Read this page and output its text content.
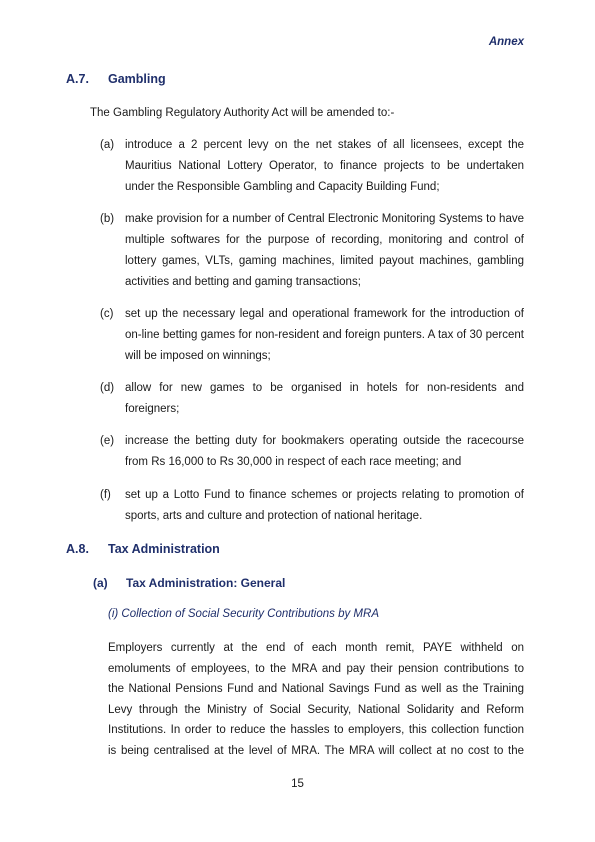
Annex
A.7. Gambling
The Gambling Regulatory Authority Act will be amended to:-
(a) introduce a 2 percent levy on the net stakes of all licensees, except the Mauritius National Lottery Operator, to finance projects to be undertaken under the Responsible Gambling and Capacity Building Fund;
(b) make provision for a number of Central Electronic Monitoring Systems to have multiple softwares for the purpose of recording, monitoring and control of lottery games, VLTs, gaming machines, limited payout machines, gambling activities and betting and gaming transactions;
(c) set up the necessary legal and operational framework for the introduction of on-line betting games for non-resident and foreign punters. A tax of 30 percent will be imposed on winnings;
(d) allow for new games to be organised in hotels for non-residents and foreigners;
(e) increase the betting duty for bookmakers operating outside the racecourse from Rs 16,000 to Rs 30,000 in respect of each race meeting; and
(f) set up a Lotto Fund to finance schemes or projects relating to promotion of sports, arts and culture and protection of national heritage.
A.8. Tax Administration
(a) Tax Administration: General
(i) Collection of Social Security Contributions by MRA
Employers currently at the end of each month remit, PAYE withheld on
emoluments of employees, to the MRA and pay their pension contributions to
the National Pensions Fund and National Savings Fund as well as the Training
Levy through the Ministry of Social Security, National Solidarity and Reform
Institutions. In order to reduce the hassles to employers, this collection function
is being centralised at the level of MRA. The MRA will collect at no cost to the
15
